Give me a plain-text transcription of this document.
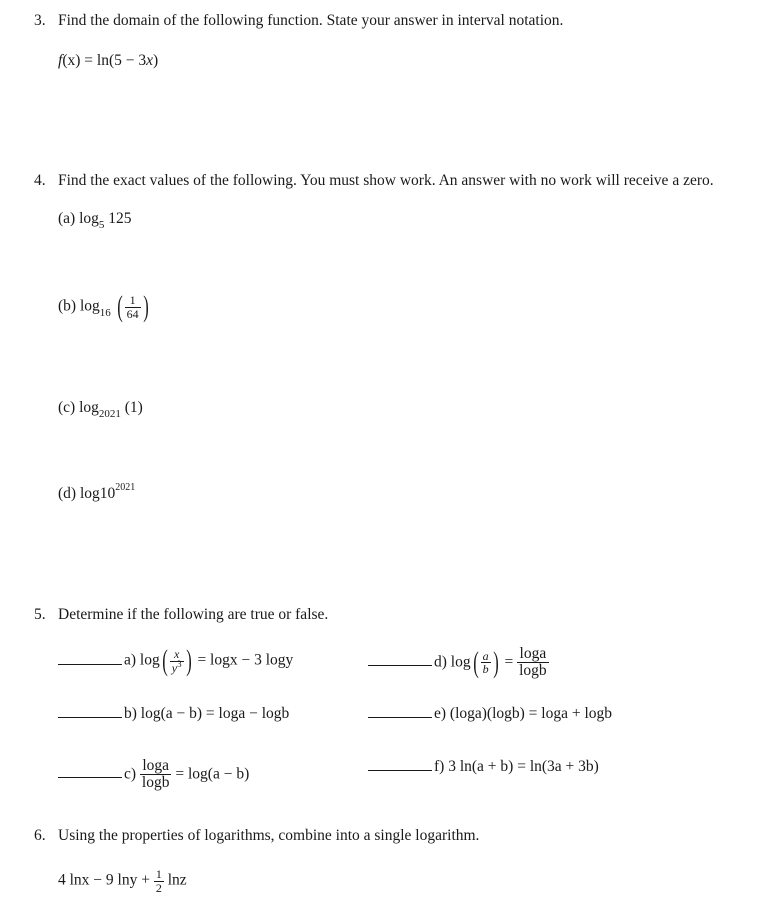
3. Find the domain of the following function. State your answer in interval notation.
f(x) = ln(5 − 3x)
4. Find the exact values of the following. You must show work. An answer with no work will receive a zero.
(a) $\log_5 125$
(b) $\log_{16}$ ( $\frac{1}{64}$ )
(c) $\log_{2021} (1)$
(d) $\log 10^{2021}$
5. Determine if the following are true or false.
a) $\log( \frac{x}{y^3}$ ) = logx − 3 logy	d) $\log( \frac{a}{b}$ ) = $\frac{\log a}{\log b}$
b) log(a − b) = loga − logb	e) (loga)(logb) = loga + logb
$c) \frac{\log a}{\log b} = \log(a - b)$	f) 3 ln(a + b) = ln(3a + 3b)
6. Using the properties of logarithms, combine into a single logarithm.
4 lnx − 9 $\ln y + \frac{1}{2}$ lnz
